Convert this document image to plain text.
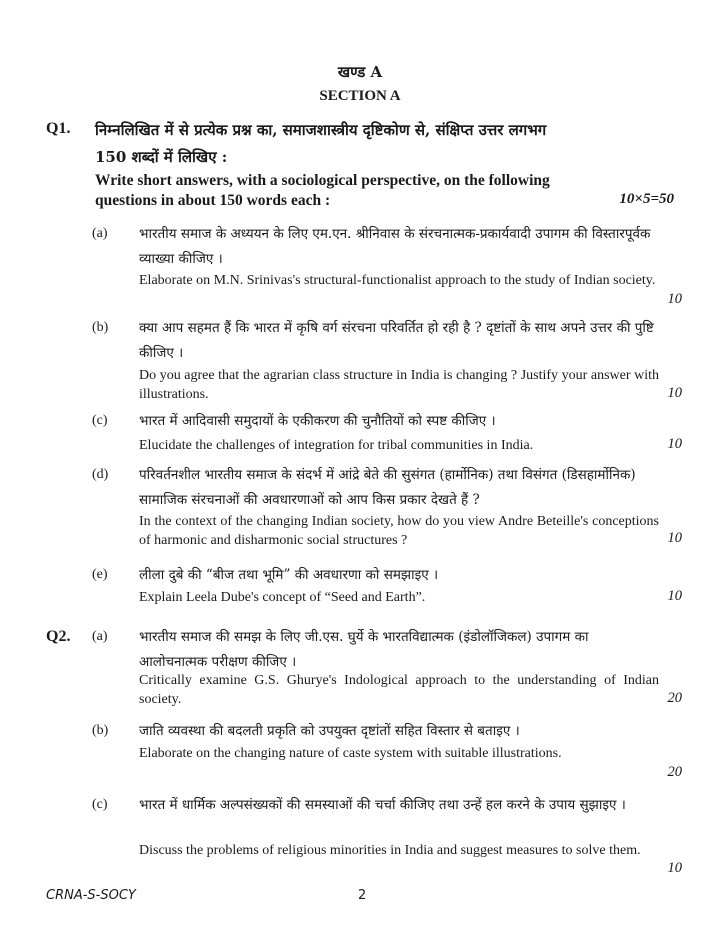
खण्ड A
SECTION A
Q1. निम्नलिखित में से प्रत्येक प्रश्न का, समाजशास्त्रीय दृष्टिकोण से, संक्षिप्त उत्तर लगभग
150 शब्दों में लिखिए :
Write short answers, with a sociological perspective, on the following
questions in about 150 words each :	10×5=50
(a) भारतीय समाज के अध्ययन के लिए एम.एन. श्रीनिवास के संरचनात्मक-प्रकार्यवादी उपागम की विस्तारपूर्वक व्याख्या कीजिए ।
Elaborate on M.N. Srinivas's structural-functionalist approach to the study of Indian society.
10
(b) क्या आप सहमत हैं कि भारत में कृषि वर्ग संरचना परिवर्तित हो रही है ? दृष्टांतों के साथ अपने उत्तर की पुष्टि कीजिए ।
Do you agree that the agrarian class structure in India is changing ? Justify your answer with illustrations.	10
(c) भारत में आदिवासी समुदायों के एकीकरण की चुनौतियों को स्पष्ट कीजिए ।
Elucidate the challenges of integration for tribal communities in India.	10
(d) परिवर्तनशील भारतीय समाज के संदर्भ में आंद्रे बेते की सुसंगत (हार्मोनिक) तथा विसंगत (डिसहार्मोनिक) सामाजिक संरचनाओं की अवधारणाओं को आप किस प्रकार देखते हैं ?
In the context of the changing Indian society, how do you view Andre Beteille's conceptions of harmonic and disharmonic social structures ?	10
(e) लीला दुबे की “बीज तथा भूमि” की अवधारणा को समझाइए ।
Explain Leela Dube's concept of “Seed and Earth”.	10
Q2. (a) भारतीय समाज की समझ के लिए जी.एस. घुर्ये के भारतविद्यात्मक (इंडोलॉजिकल) उपागम का आलोचनात्मक परीक्षण कीजिए ।
Critically examine G.S. Ghurye's Indological approach to the understanding of Indian society.	20
(b) जाति व्यवस्था की बदलती प्रकृति को उपयुक्त दृष्टांतों सहित विस्तार से बताइए ।
Elaborate on the changing nature of caste system with suitable illustrations.
20
(c) भारत में धार्मिक अल्पसंख्यकों की समस्याओं की चर्चा कीजिए तथा उन्हें हल करने के उपाय सुझाइए ।
Discuss the problems of religious minorities in India and suggest measures to solve them.
10
CRNA-S-SOCY	2
